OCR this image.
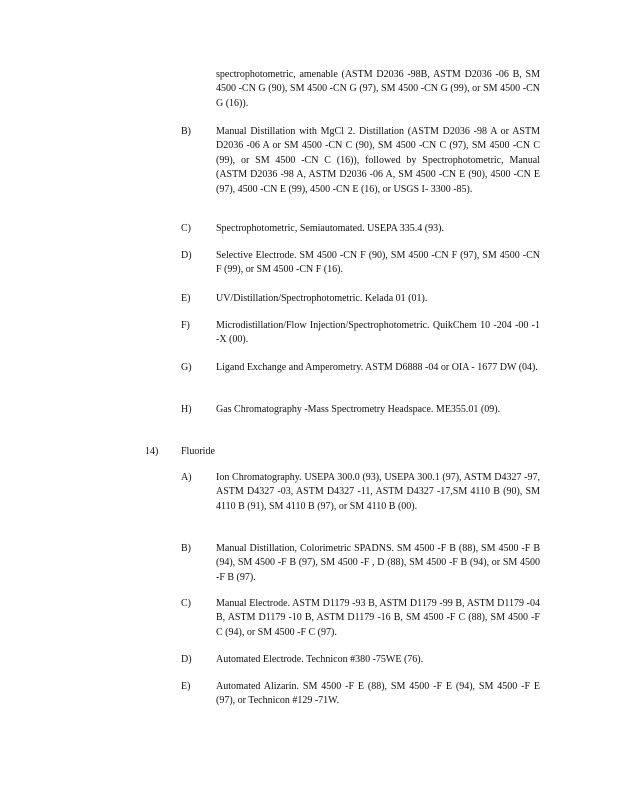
spectrophotometric, amenable (ASTM D2036 -98B, ASTM D2036 -06 B, SM 4500 -CN G (90), SM 4500 -CN G (97), SM 4500 -CN G (99), or SM 4500 -CN G (16)).
B)	Manual Distillation with MgCl 2. Distillation (ASTM D2036 -98 A or ASTM D2036 -06 A or SM 4500 -CN C (90), SM 4500 -CN C (97), SM 4500 -CN C (99), or SM 4500 -CN C (16)), followed by Spectrophotometric, Manual (ASTM D2036 -98 A, ASTM D2036 -06 A, SM 4500 -CN E (90), 4500 -CN E (97), 4500 -CN E (99), 4500 -CN E (16), or USGS I- 3300 -85).
C)	Spectrophotometric, Semiautomated. USEPA 335.4 (93).
D) Selective Electrode. SM 4500 -CN F (90), SM 4500 -CN F (97), SM 4500 -CN F (99), or SM 4500 -CN F (16).
E)	UV/Distillation/Spectrophotometric. Kelada 01 (01).
F)	Microdistillation/Flow Injection/Spectrophotometric. QuikChem 10 -204 -00 -1 -X (00).
G) Ligand Exchange and Amperometry. ASTM D6888 -04 or OIA - 1677 DW (04).
H) Gas Chromatography -Mass Spectrometry Headspace. ME355.01 (09).
14) Fluoride
A) Ion Chromatography. USEPA 300.0 (93), USEPA 300.1 (97), ASTM D4327 -97, ASTM D4327 -03, ASTM D4327 -11, ASTM D4327 -17,SM 4110 B (90), SM 4110 B (91), SM 4110 B (97), or SM 4110 B (00).
B)	Manual Distillation, Colorimetric SPADNS. SM 4500 -F B (88), SM 4500 -F B (94), SM 4500 -F B (97), SM 4500 -F , D (88), SM 4500 -F B (94), or SM 4500 -F B (97).
C)	Manual Electrode. ASTM D1179 -93 B, ASTM D1179 -99 B, ASTM D1179 -04 B, ASTM D1179 -10 B, ASTM D1179 -16 B, SM 4500 -F C (88), SM 4500 -F C (94), or SM 4500 -F C (97).
D) Automated Electrode. Technicon #380 -75WE (76).
E)	Automated Alizarin. SM 4500 -F E (88), SM 4500 -F E (94), SM 4500 -F E (97), or Technicon #129 -71W.
